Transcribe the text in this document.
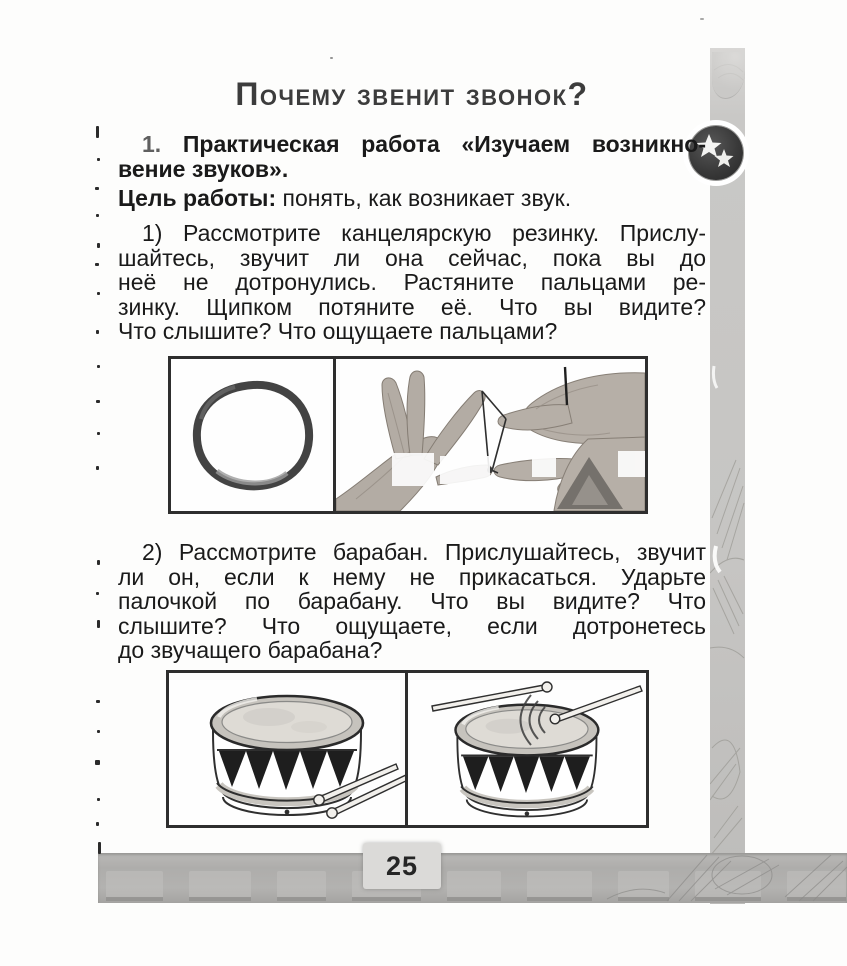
Почему звенит звонок?
1. Практическая работа «Изучаем возникно-
вение звуков».
Цель работы: понять, как возникает звук.
1) Рассмотрите канцелярскую резинку. Прислу-
шайтесь, звучит ли она сейчас, пока вы до
неё не дотронулись. Растяните пальцами ре-
зинку. Щипком потяните её. Что вы видите?
Что слышите? Что ощущаете пальцами?
2) Рассмотрите барабан. Прислушайтесь, звучит
ли он, если к нему не прикасаться. Ударьте
палочкой по барабану. Что вы видите? Что
слышите? Что ощущаете, если дотронетесь
до звучащего барабана?
25
